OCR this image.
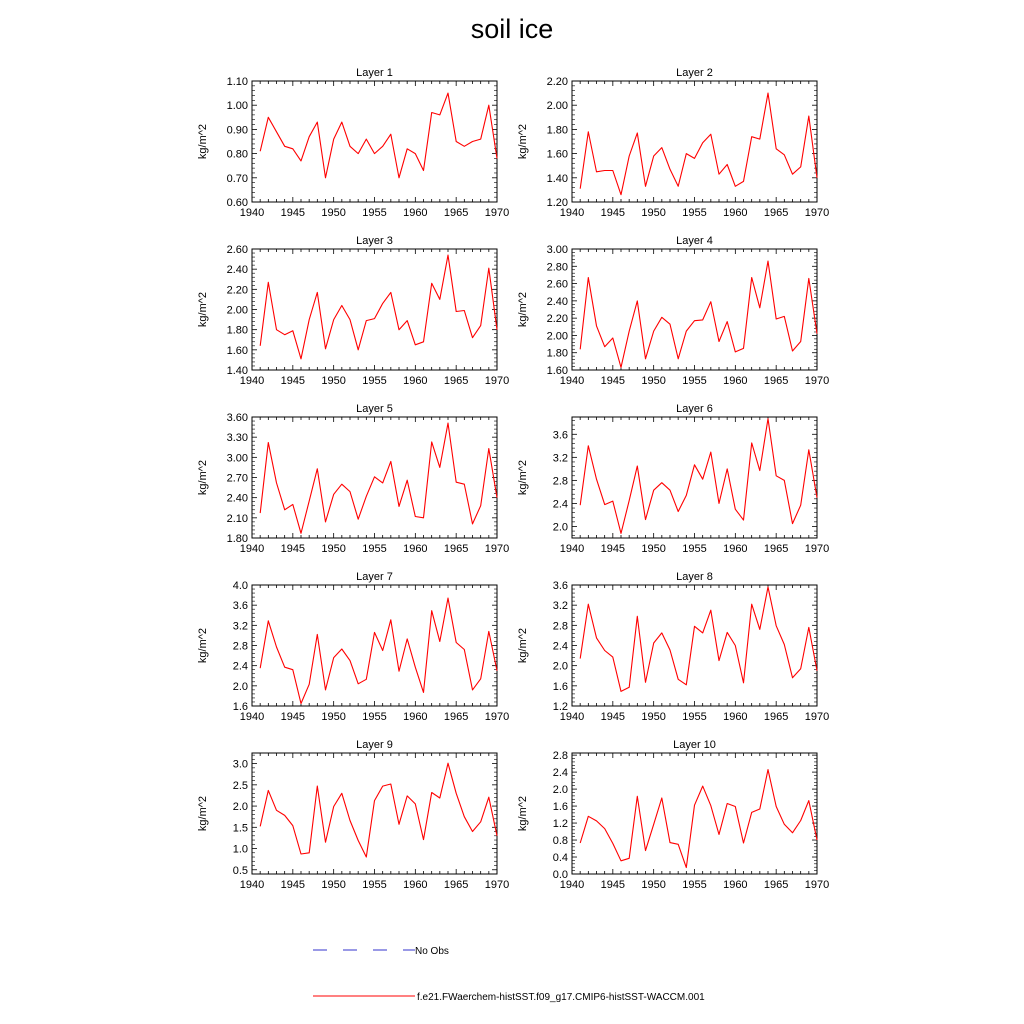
soil ice
Layer 1
kg/m^2
1940 1945 1950 1955 1960 1965 1970
0.60
0.70
0.80
0.90
1.00
1.10
Layer 2
kg/m^2
1940 1945 1950 1955 1960 1965 1970
1.20
1.40
1.60
1.80
2.00
2.20
Layer 3
kg/m^2
1940 1945 1950 1955 1960 1965 1970
1.40
1.60
1.80
2.00
2.20
2.40
2.60
Layer 4
kg/m^2
1940 1945 1950 1955 1960 1965 1970
1.60
1.80
2.00
2.20
2.40
2.60
2.80
3.00
Layer 5
kg/m^2
1940 1945 1950 1955 1960 1965 1970
1.80
2.10
2.40
2.70
3.00
3.30
3.60
Layer 6
kg/m^2
1940 1945 1950 1955 1960 1965 1970
2.0
2.4
2.8
3.2
3.6
Layer 7
kg/m^2
1940 1945 1950 1955 1960 1965 1970
1.6
2.0
2.4
2.8
3.2
3.6
4.0
Layer 8
kg/m^2
1940 1945 1950 1955 1960 1965 1970
1.2
1.6
2.0
2.4
2.8
3.2
3.6
Layer 9
kg/m^2
1940 1945 1950 1955 1960 1965 1970
0.5
1.0
1.5
2.0
2.5
3.0
Layer 10
kg/m^2
1940 1945 1950 1955 1960 1965 1970
0.0
0.4
0.8
1.2
1.6
2.0
2.4
2.8
No Obs
f.e21.FWaerchem-histSST.f09_g17.CMIP6-histSST-WACCM.001
